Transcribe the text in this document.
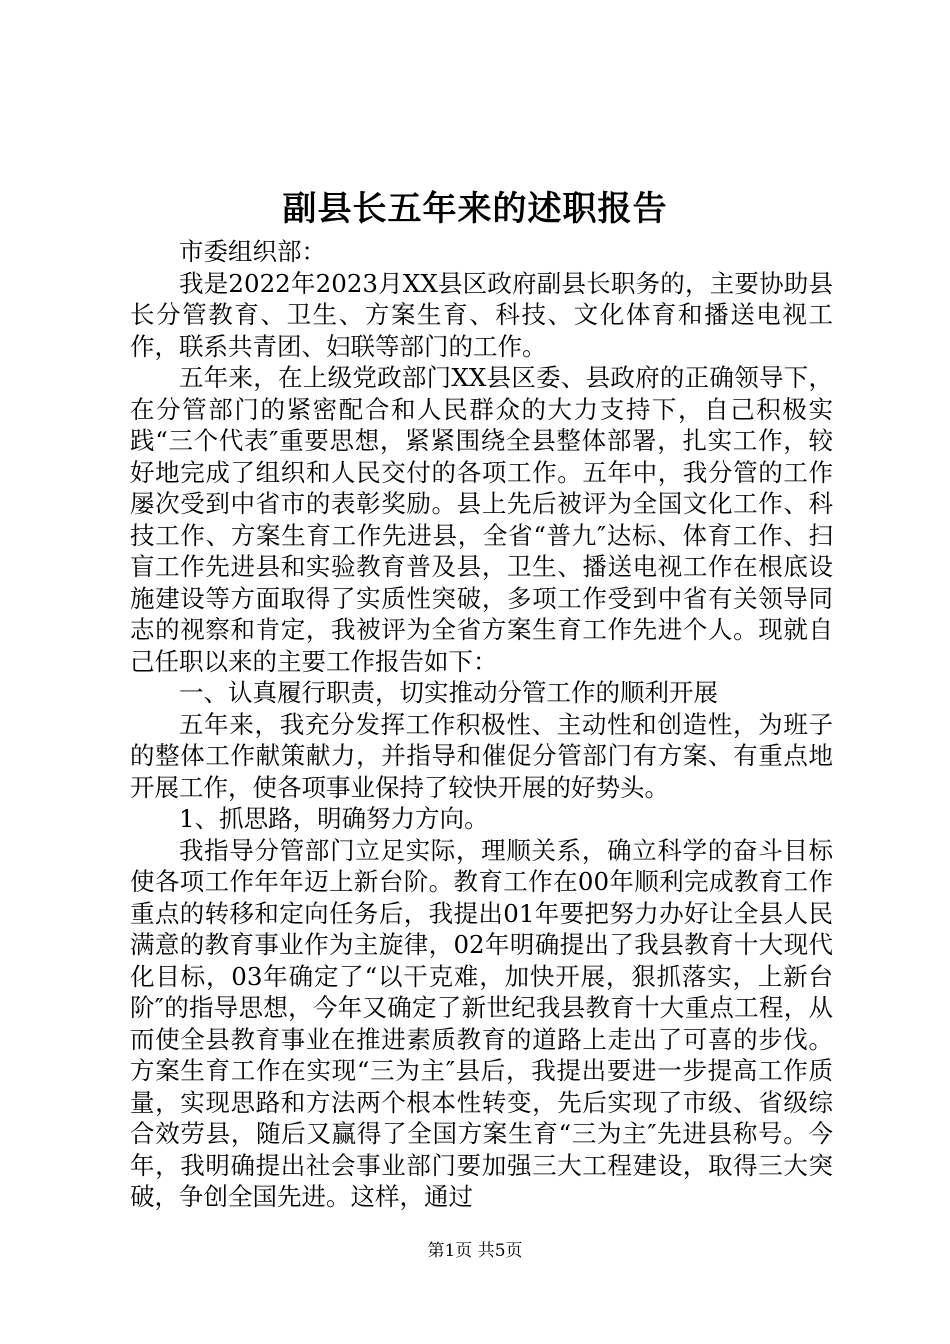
副县长五年来的述职报告

市委组织部：

我是2022年2023月XX县区政府副县长职务的，主要协助县长分管教育、卫生、方案生育、科技、文化体育和播送电视工作，联系共青团、妇联等部门的工作。

五年来，在上级党政部门XX县区委、县政府的正确领导下，在分管部门的紧密配合和人民群众的大力支持下，自己积极实践“三个代表″重要思想，紧紧围绕全县整体部署，扎实工作，较好地完成了组织和人民交付的各项工作。五年中，我分管的工作屡次受到中省市的表彰奖励。县上先后被评为全国文化工作、科技工作、方案生育工作先进县，全省“普九″达标、体育工作、扫盲工作先进县和实验教育普及县，卫生、播送电视工作在根底设施建设等方面取得了实质性突破，多项工作受到中省有关领导同志的视察和肯定，我被评为全省方案生育工作先进个人。现就自己任职以来的主要工作报告如下：

一、认真履行职责，切实推动分管工作的顺利开展

五年来，我充分发挥工作积极性、主动性和创造性，为班子的整体工作献策献力，并指导和催促分管部门有方案、有重点地开展工作，使各项事业保持了较快开展的好势头。

1、抓思路，明确努力方向。

我指导分管部门立足实际，理顺关系，确立科学的奋斗目标使各项工作年年迈上新台阶。教育工作在00年顺利完成教育工作重点的转移和定向任务后，我提出01年要把努力办好让全县人民满意的教育事业作为主旋律，02年明确提出了我县教育十大现代化目标，03年确定了“以干克难，加快开展，狠抓落实，上新台阶″的指导思想，今年又确定了新世纪我县教育十大重点工程，从而使全县教育事业在推进素质教育的道路上走出了可喜的步伐。方案生育工作在实现“三为主″县后，我提出要进一步提高工作质量，实现思路和方法两个根本性转变，先后实现了市级、省级综合效劳县，随后又赢得了全国方案生育“三为主″先进县称号。今年，我明确提出社会事业部门要加强三大工程建设，取得三大突破，争创全国先进。这样，通过

第1页 共5页
